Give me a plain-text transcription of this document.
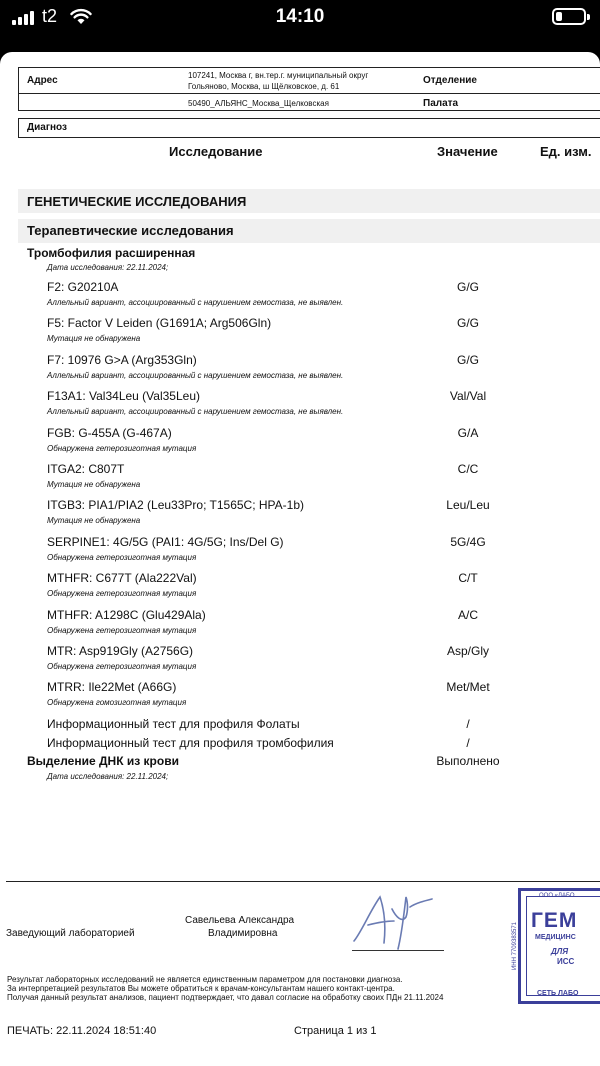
t2	14:10
Адрес	107241, Москва г, вн.тер.г. муниципальный округ
Гольяново, Москва, ш Щёлковское, д. 61
Отделение
50490_АЛЬЯНС_Москва_Щелковская	Палата
Диагноз
Исследование	Значение	Ед. изм.
ГЕНЕТИЧЕСКИЕ ИССЛЕДОВАНИЯ
Терапевтические исследования
Тромбофилия расширенная
Дата исследования: 22.11.2024;
F2: G20210A	G/G
Аллельный вариант, ассоциированный с нарушением гемостаза, не выявлен.
F5: Factor V Leiden (G1691A; Arg506Gln)	G/G
Мутация не обнаружена
F7: 10976 G>A (Arg353Gln)	G/G
Аллельный вариант, ассоциированный с нарушением гемостаза, не выявлен.
F13A1: Val34Leu (Val35Leu)	Val/Val
Аллельный вариант, ассоциированный с нарушением гемостаза, не выявлен.
FGB: G-455A (G-467A)	G/A
Обнаружена гетерозиготная мутация
ITGA2: C807T	C/C
Мутация не обнаружена
ITGB3: PIA1/PIA2 (Leu33Pro; T1565C; HPA-1b)	Leu/Leu
Мутация не обнаружена
SERPINE1: 4G/5G (PAI1: 4G/5G; Ins/Del G)	5G/4G
Обнаружена гетерозиготная мутация
MTHFR: C677T (Ala222Val)	C/T
Обнаружена гетерозиготная мутация
MTHFR: A1298C (Glu429Ala)	A/C
Обнаружена гетерозиготная мутация
MTR: Asp919Gly (A2756G)	Asp/Gly
Обнаружена гетерозиготная мутация
MTRR: Ile22Met (A66G)	Met/Met
Обнаружена гомозиготная мутация
Информационный тест для профиля Фолаты	/
Информационный тест для профиля тромбофилия	/
Выделение ДНК из крови	Выполнено
Дата исследования: 22.11.2024;
Заведующий лабораторией
Савельева Александра
Владимировна
ООО «ЛАБО
ГЕМ
МЕДИЦИНС
ДЛЯ
ИСС
СЕТЬ ЛАБО
ИНН 7709383571
Результат лабораторных исследований не является единственным параметром для постановки диагноза.
За интерпретацией результатов Вы можете обратиться к врачам-консультантам нашего контакт-центра.
Получая данный результат анализов, пациент подтверждает, что давал согласие на обработку своих ПДн 21.11.2024
ПЕЧАТЬ: 22.11.2024 18:51:40	Страница 1 из 1
